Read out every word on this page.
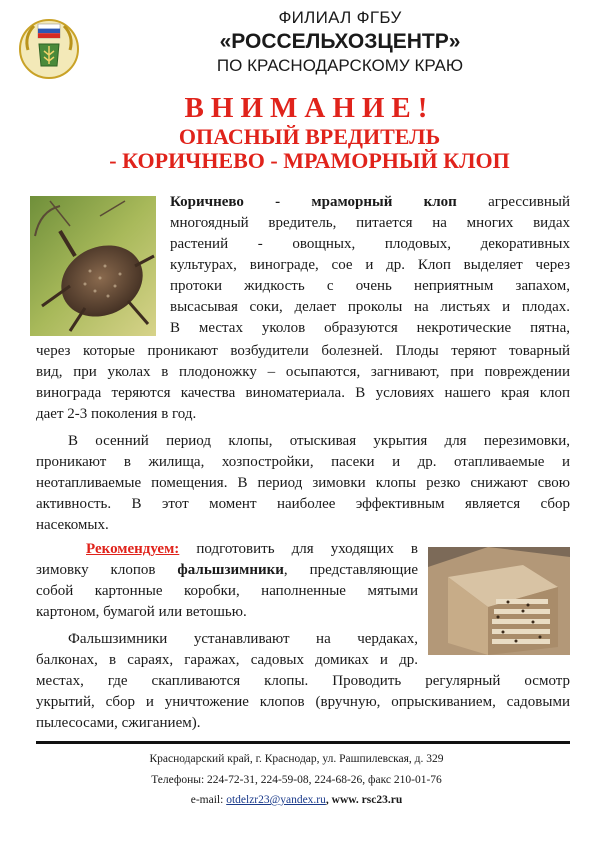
ФИЛИАЛ ФГБУ
«РОССЕЛЬХОЗЦЕНТР»
ПО КРАСНОДАРСКОМУ КРАЮ
ВНИМАНИЕ!
ОПАСНЫЙ ВРЕДИТЕЛЬ
- КОРИЧНЕВО - МРАМОРНЫЙ КЛОП
Коричнево - мраморный клоп агрессивный
многоядный вредитель, питается на многих видах
растений - овощных, плодовых, декоративных
культурах, винограде, сое и др. Клоп выделяет через
протоки жидкость с очень неприятным запахом,
высасывая соки, делает проколы на листьях и плодах.
В местах уколов образуются некротические пятна,
через которые проникают возбудители болезней. Плоды теряют товарный
вид, при уколах в плодоножку – осыпаются, загнивают, при повреждении
винограда теряются качества виноматериала. В условиях нашего края клоп
дает 2-3 поколения в год.
В осенний период клопы, отыскивая укрытия для перезимовки,
проникают в жилища, хозпостройки, пасеки и др. отапливаемые и
неотапливаемые помещения. В период зимовки клопы резко снижают свою
активность. В этот момент наиболее эффективным является сбор
насекомых.
Рекомендуем: подготовить для уходящих в
зимовку клопов фальшзимники, представляющие
собой картонные коробки, наполненные мятыми
картоном, бумагой или ветошью.
Фальшзимники устанавливают на чердаках,
балконах, в сараях, гаражах, садовых домиках и др.
местах, где скапливаются клопы. Проводить регулярный осмотр
укрытий, сбор и уничтожение клопов (вручную, опрыскиванием, садовыми
пылесосами, сжиганием).
Краснодарский край, г. Краснодар, ул. Рашпилевская, д. 329
Телефоны: 224-72-31, 224-59-08, 224-68-26, факс 210-01-76
e-mail: otdelzr23@yandex.ru, www. rsc23.ru
